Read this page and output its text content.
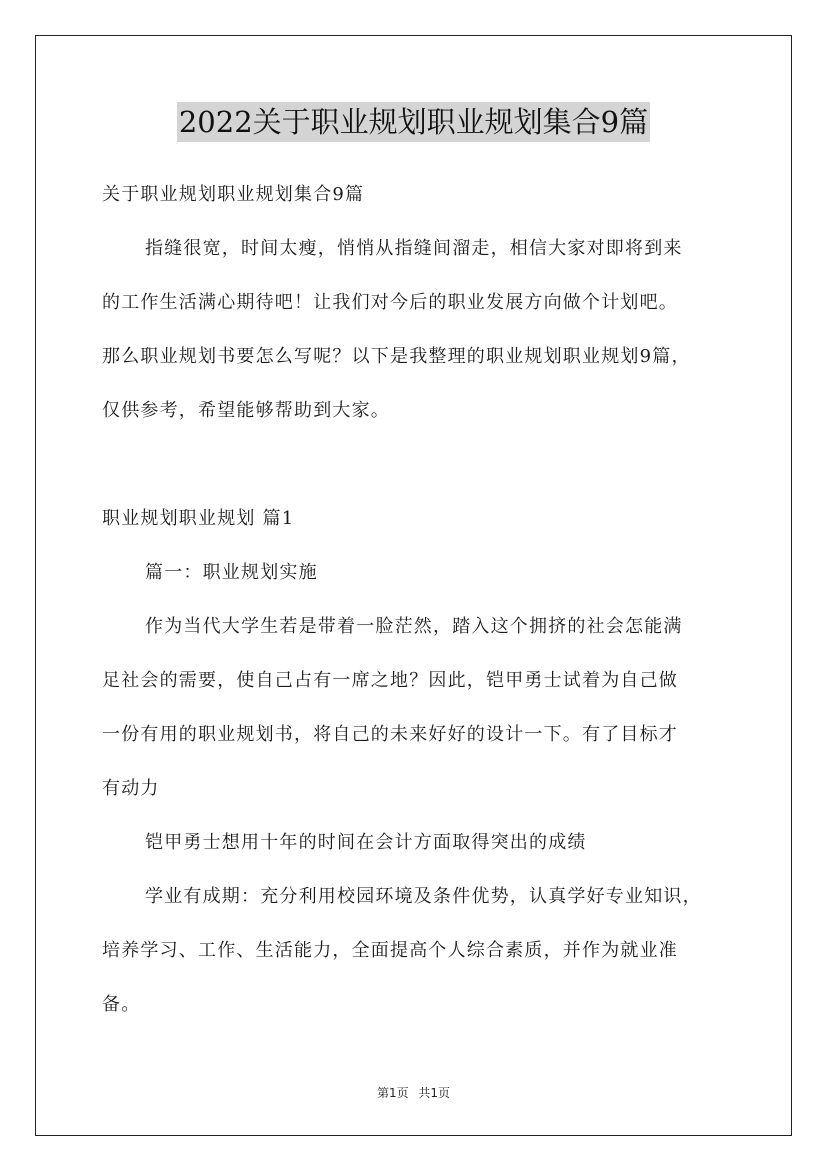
2022关于职业规划职业规划集合9篇
关于职业规划职业规划集合9篇
指缝很宽，时间太瘦，悄悄从指缝间溜走，相信大家对即将到来
的工作生活满心期待吧！让我们对今后的职业发展方向做个计划吧。
那么职业规划书要怎么写呢？以下是我整理的职业规划职业规划9篇，
仅供参考，希望能够帮助到大家。
职业规划职业规划 篇1
篇一：职业规划实施
作为当代大学生若是带着一脸茫然，踏入这个拥挤的社会怎能满
足社会的需要，使自己占有一席之地？因此，铠甲勇士试着为自己做
一份有用的职业规划书，将自己的未来好好的设计一下。有了目标才
有动力
铠甲勇士想用十年的时间在会计方面取得突出的成绩
学业有成期：充分利用校园环境及条件优势，认真学好专业知识，
培养学习、工作、生活能力，全面提高个人综合素质，并作为就业准
备。
第1页 共1页
